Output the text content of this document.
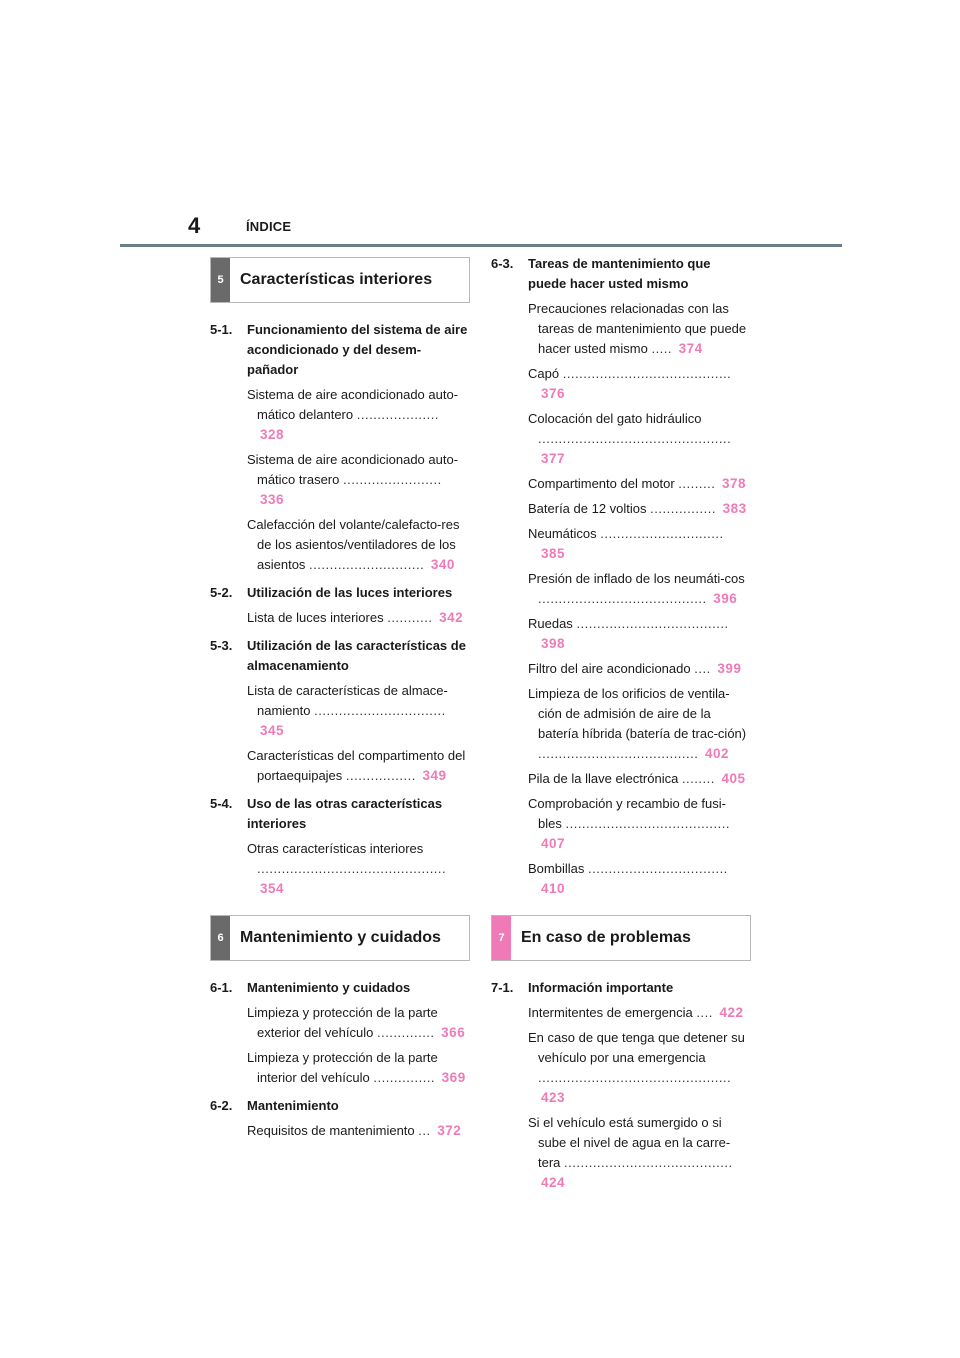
4	ÍNDICE
5	Características interiores
5-1.	Funcionamiento del sistema de aire acondicionado y del desem-pañador
Sistema de aire acondicionado auto-mático delantero .................... 328
Sistema de aire acondicionado auto-mático trasero ........................ 336
Calefacción del volante/calefacto-res de los asientos/ventiladores de los asientos ............................ 340
5-2.	Utilización de las luces interiores
Lista de luces interiores ........... 342
5-3.	Utilización de las características de almacenamiento
Lista de características de almace-namiento ................................ 345
Características del compartimento del portaequipajes ................. 349
5-4.	Uso de las otras características interiores
Otras características interiores .............................................. 354
6	Mantenimiento y cuidados
6-1.	Mantenimiento y cuidados
Limpieza y protección de la parte exterior del vehículo .............. 366
Limpieza y protección de la parte interior del vehículo ............... 369
6-2.	Mantenimiento
Requisitos de mantenimiento ... 372
6-3.	Tareas de mantenimiento que puede hacer usted mismo
Precauciones relacionadas con las tareas de mantenimiento que puede hacer usted mismo ..... 374
Capó ......................................... 376
Colocación del gato hidráulico ............................................... 377
Compartimento del motor ......... 378
Batería de 12 voltios ................ 383
Neumáticos .............................. 385
Presión de inflado de los neumáti-cos ......................................... 396
Ruedas ..................................... 398
Filtro del aire acondicionado .... 399
Limpieza de los orificios de ventila-ción de admisión de aire de la batería híbrida (batería de trac-ción) ....................................... 402
Pila de la llave electrónica ........ 405
Comprobación y recambio de fusi-bles ........................................ 407
Bombillas .................................. 410
7	En caso de problemas
7-1.	Información importante
Intermitentes de emergencia .... 422
En caso de que tenga que detener su vehículo por una emergencia ............................................... 423
Si el vehículo está sumergido o si sube el nivel de agua en la carre-tera ......................................... 424
